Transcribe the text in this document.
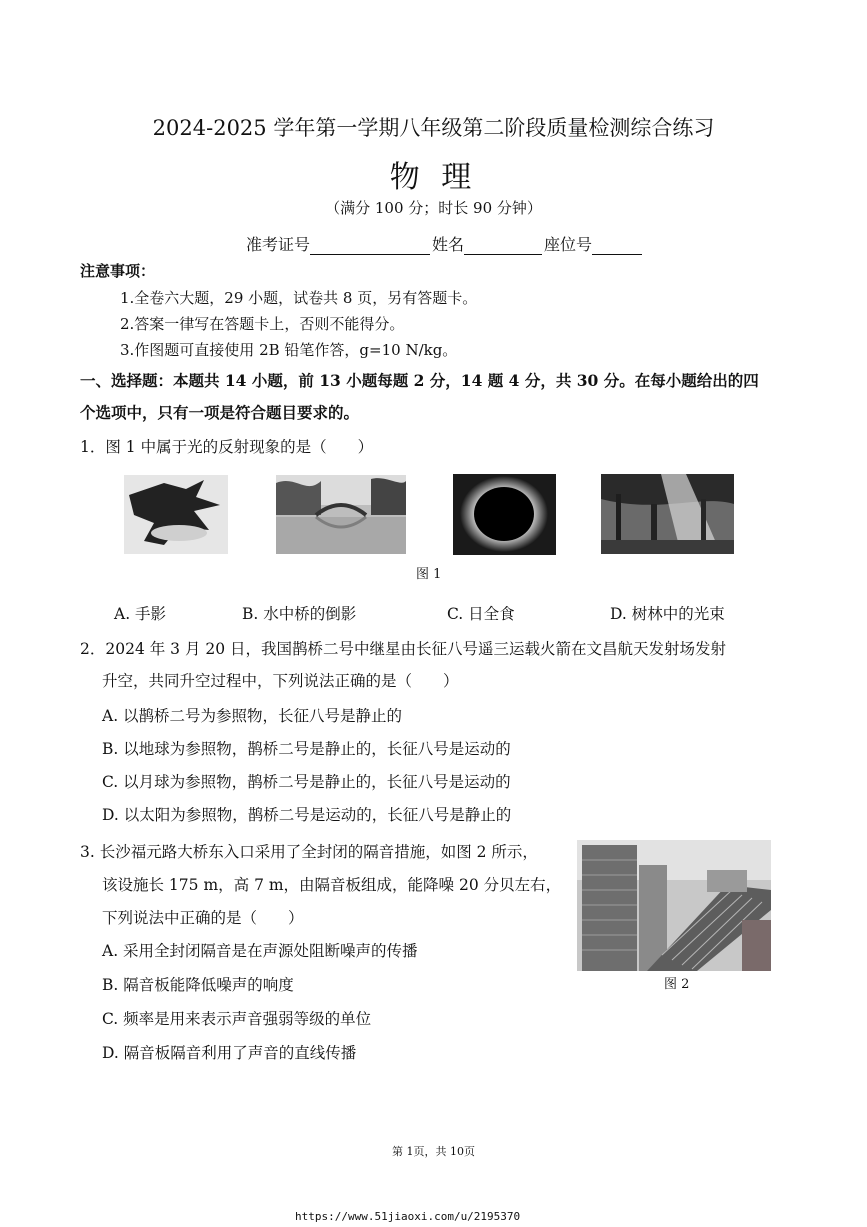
2024-2025 学年第一学期八年级第二阶段质量检测综合练习
物 理
（满分 100 分；时长 90 分钟）
准考证号	姓名	座位号
注意事项：
1.全卷六大题，29 小题，试卷共 8 页，另有答题卡。
2.答案一律写在答题卡上，否则不能得分。
3.作图题可直接使用 2B 铅笔作答，g=10 N/kg。
一、选择题：本题共 14 小题，前 13 小题每题 2 分，14 题 4 分，共 30 分。在每小题给出的四
个选项中，只有一项是符合题目要求的。
1．图 1 中属于光的反射现象的是（　　）
图 1
A. 手影	B. 水中桥的倒影	C. 日全食	D. 树林中的光束
2．2024 年 3 月 20 日，我国鹊桥二号中继星由长征八号遥三运载火箭在文昌航天发射场发射
升空，共同升空过程中，下列说法正确的是（　　）
A. 以鹊桥二号为参照物，长征八号是静止的
B. 以地球为参照物，鹊桥二号是静止的，长征八号是运动的
C. 以月球为参照物，鹊桥二号是静止的，长征八号是运动的
D. 以太阳为参照物，鹊桥二号是运动的，长征八号是静止的
3. 长沙福元路大桥东入口采用了全封闭的隔音措施，如图 2 所示，
该设施长 175 m，高 7 m，由隔音板组成，能降噪 20 分贝左右，
下列说法中正确的是（　　）
A. 采用全封闭隔音是在声源处阻断噪声的传播
B. 隔音板能降低噪声的响度
C. 频率是用来表示声音强弱等级的单位
D. 隔音板隔音利用了声音的直线传播
图 2
第 1页，共 10页
https://www.51jiaoxi.com/u/2195370
